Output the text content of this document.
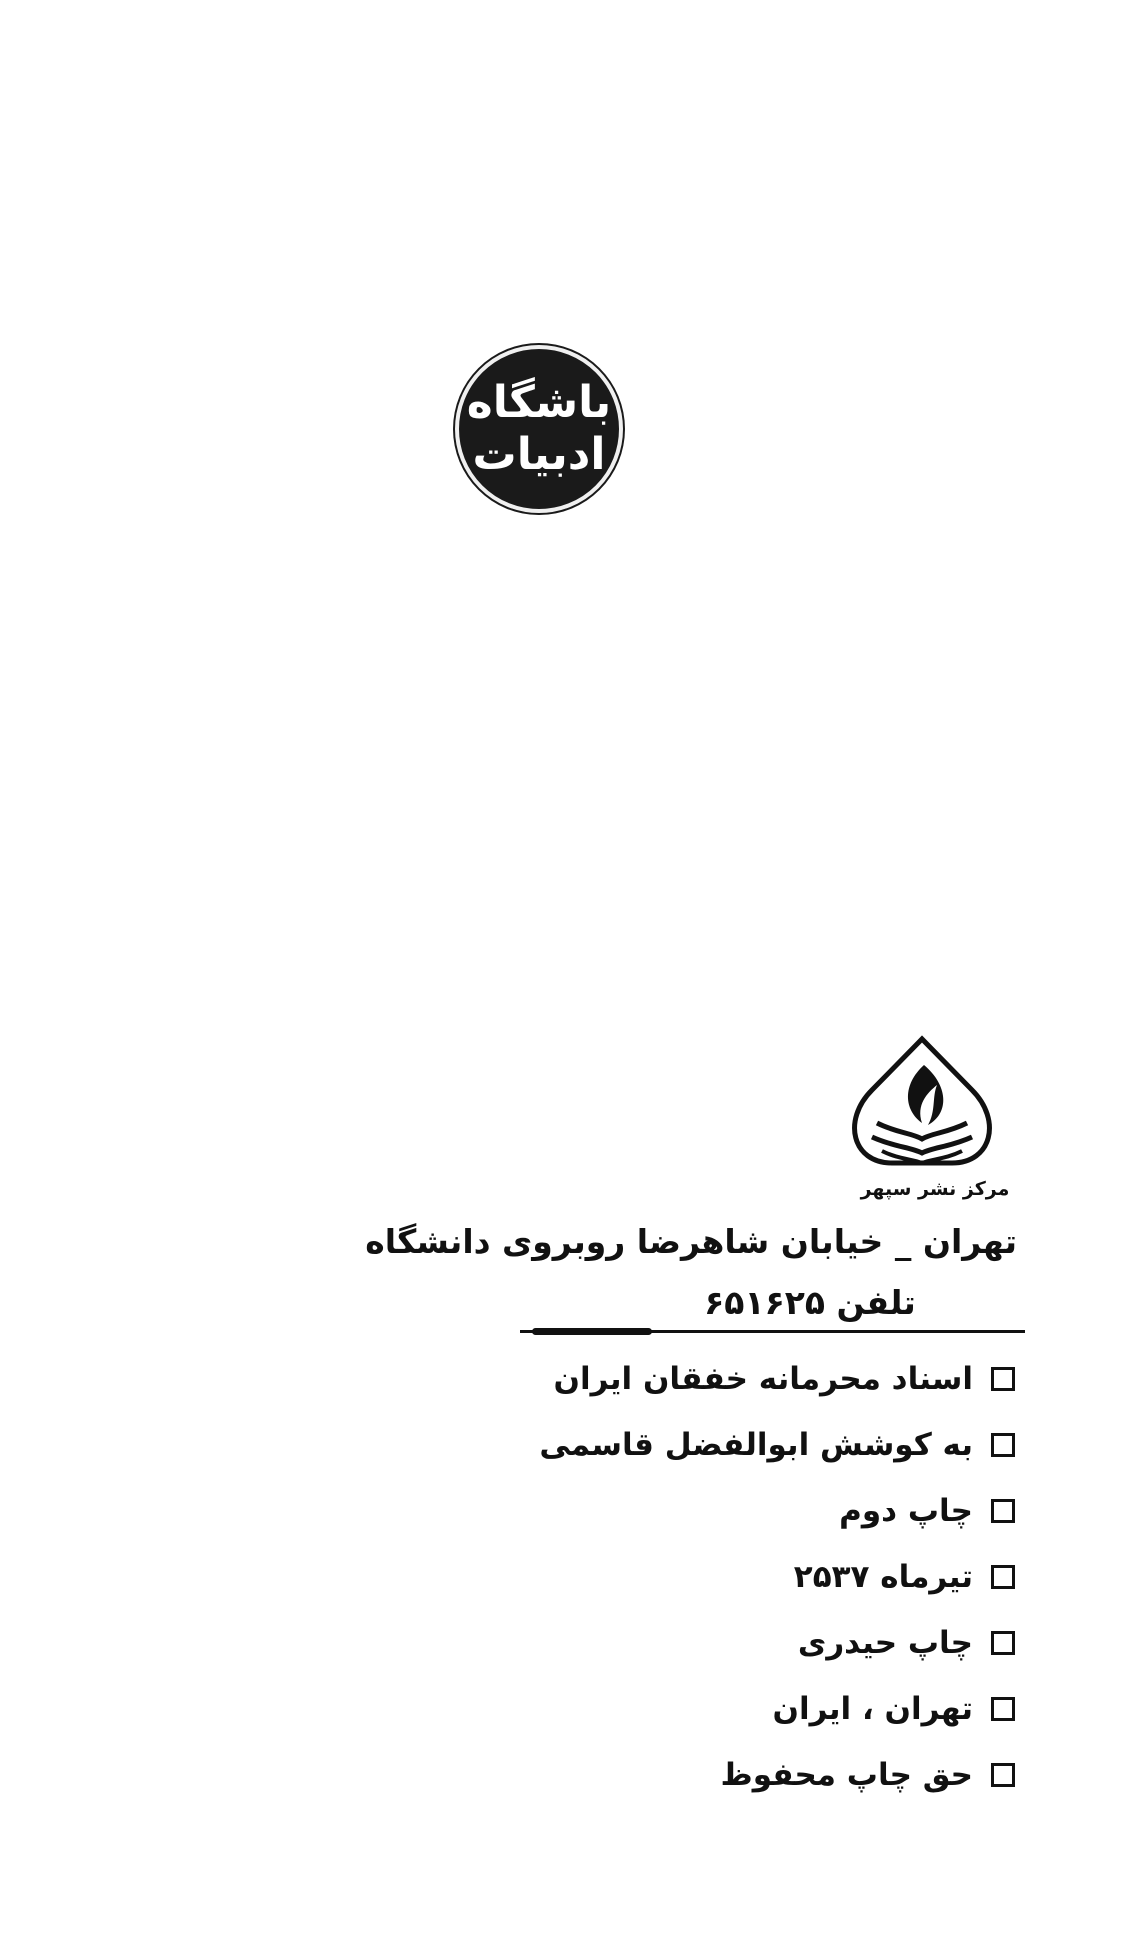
باشگاه
ادبیات
مرکز نشر سپهر
تهران _ خیابان شاهرضا روبروی دانشگاه
تلفن ۶۵۱۶۲۵
اسناد محرمانه خفقان ایران
به کوشش ابوالفضل قاسمی
چاپ دوم
تیرماه ۲۵۳۷
چاپ حیدری
تهران ، ایران
حق چاپ محفوظ
